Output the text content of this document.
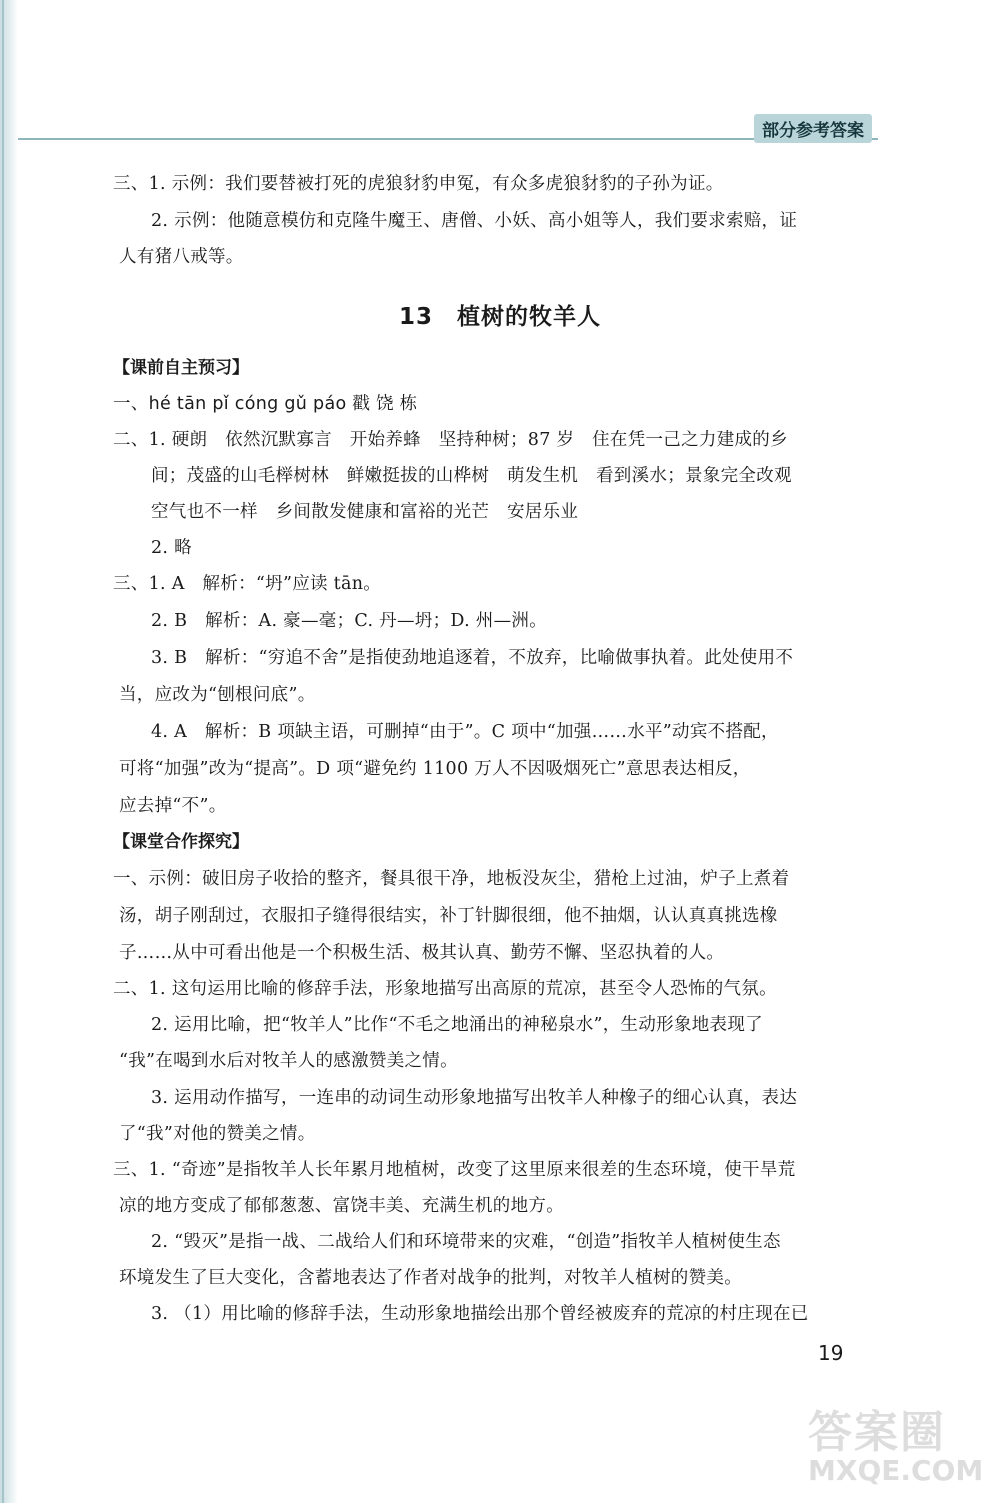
部分参考答案
三、1. 示例：我们要替被打死的虎狼豺豹申冤，有众多虎狼豺豹的子孙为证。
2. 示例：他随意模仿和克隆牛魔王、唐僧、小妖、高小姐等人，我们要求索赔，证
人有猪八戒等。
13　植树的牧羊人
【课前自主预习】
一、hé tān pǐ cóng gǔ páo 戳 饶 栋
二、1. 硬朗　依然沉默寡言　开始养蜂　坚持种树；87 岁　住在凭一己之力建成的乡
间；茂盛的山毛榉树林　鲜嫩挺拔的山桦树　萌发生机　看到溪水；景象完全改观
空气也不一样　乡间散发健康和富裕的光芒　安居乐业
2. 略
三、1. A　解析：“坍”应读 tān。
2. B　解析：A. 豪—毫；C. 丹—坍；D. 州—洲。
3. B　解析：“穷追不舍”是指使劲地追逐着，不放弃，比喻做事执着。此处使用不
当，应改为“刨根问底”。
4. A　解析：B 项缺主语，可删掉“由于”。C 项中“加强……水平”动宾不搭配，
可将“加强”改为“提高”。D 项“避免约 1100 万人不因吸烟死亡”意思表达相反，
应去掉“不”。
【课堂合作探究】
一、示例：破旧房子收拾的整齐，餐具很干净，地板没灰尘，猎枪上过油，炉子上煮着
汤，胡子刚刮过，衣服扣子缝得很结实，补丁针脚很细，他不抽烟，认认真真挑选橡
子……从中可看出他是一个积极生活、极其认真、勤劳不懈、坚忍执着的人。
二、1. 这句运用比喻的修辞手法，形象地描写出高原的荒凉，甚至令人恐怖的气氛。
2. 运用比喻，把“牧羊人”比作“不毛之地涌出的神秘泉水”，生动形象地表现了
“我”在喝到水后对牧羊人的感激赞美之情。
3. 运用动作描写，一连串的动词生动形象地描写出牧羊人种橡子的细心认真，表达
了“我”对他的赞美之情。
三、1. “奇迹”是指牧羊人长年累月地植树，改变了这里原来很差的生态环境，使干旱荒
凉的地方变成了郁郁葱葱、富饶丰美、充满生机的地方。
2. “毁灭”是指一战、二战给人们和环境带来的灾难，“创造”指牧羊人植树使生态
环境发生了巨大变化，含蓄地表达了作者对战争的批判，对牧羊人植树的赞美。
3. （1）用比喻的修辞手法，生动形象地描绘出那个曾经被废弃的荒凉的村庄现在已
19
答案圈
MXQE.COM
